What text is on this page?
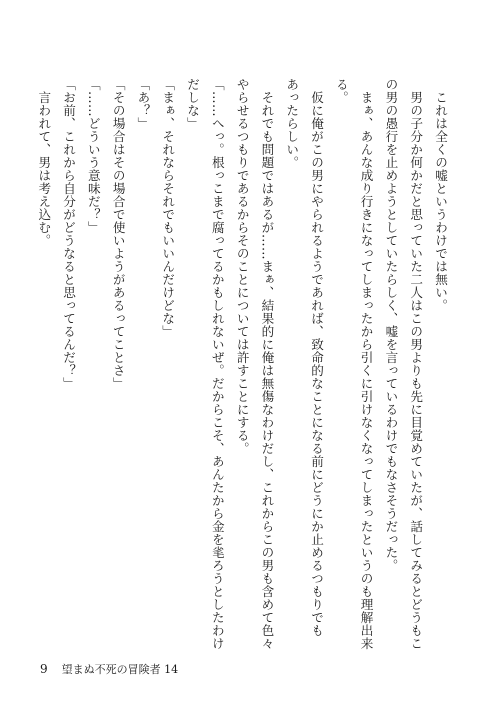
これは全くの嘘というわけでは無い。

男の子分か何かだと思っていた二人はこの男よりも先に目覚めていたが、話してみるとどうもこ

の男の愚行を止めようとしていたらしく、嘘を言っているわけでもなさそうだった。

まぁ、あんな成り行きになってしまったから引くに引けなくなってしまったというのも理解出来

る。

仮に俺がこの男にやられるようであれば、致命的なことになる前にどうにか止めるつもりでも

あったらしい。

それでも問題ではあるが……まぁ、結果的に俺は無傷なわけだし、これからこの男も含めて色々

やらせるつもりであるからそのことについては許すことにする。

「……へっ。根っこまで腐ってるかもしれないぜ。だからこそ、あんたから金を毟ろうとしたわけ

だしな」

「まぁ、それならそれでもいいんだけどな」

「あ？」

「その場合はその場合で使いようがあるってことさ」

「……どういう意味だ？」

「お前、これから自分がどうなると思ってるんだ？」

言われて、男は考え込む。

9 望まぬ不死の冒険者 14
